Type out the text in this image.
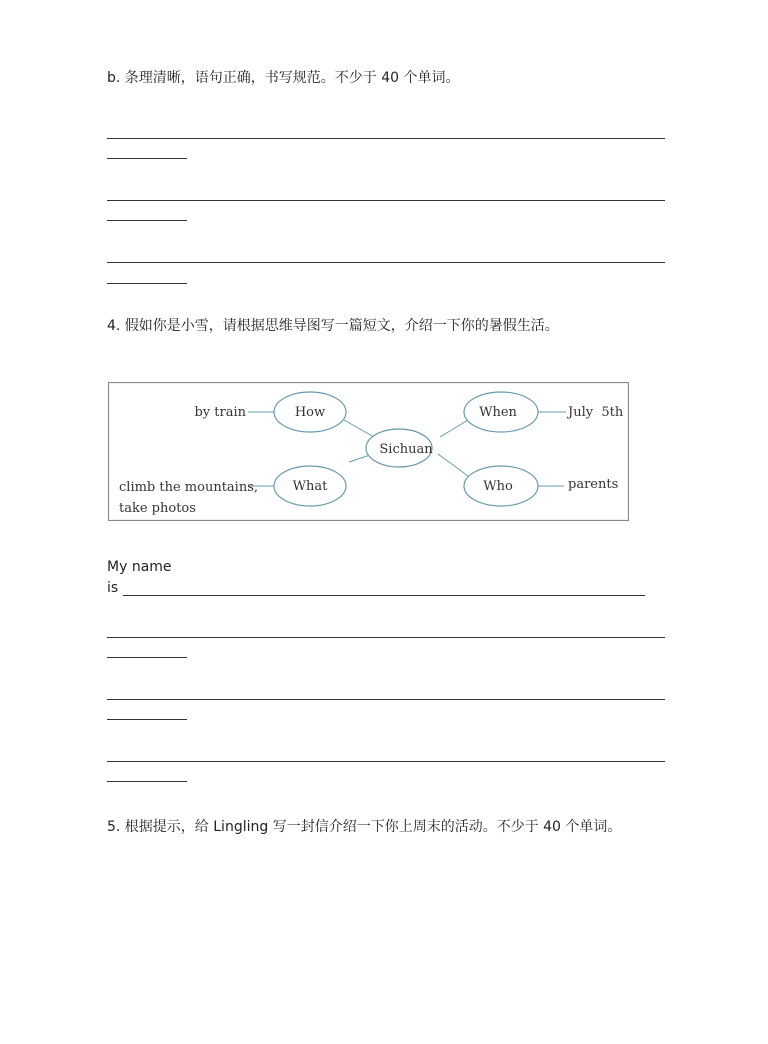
b. 条理清晰，语句正确，书写规范。不少于 40 个单词。
4. 假如你是小雪，请根据思维导图写一篇短文，介绍一下你的暑假生活。
How
What
Sichuan
When
Who
by train
climb the mountains,
take photos
July  5th
parents
My name
is
5. 根据提示，给 Lingling 写一封信介绍一下你上周末的活动。不少于 40 个单词。
